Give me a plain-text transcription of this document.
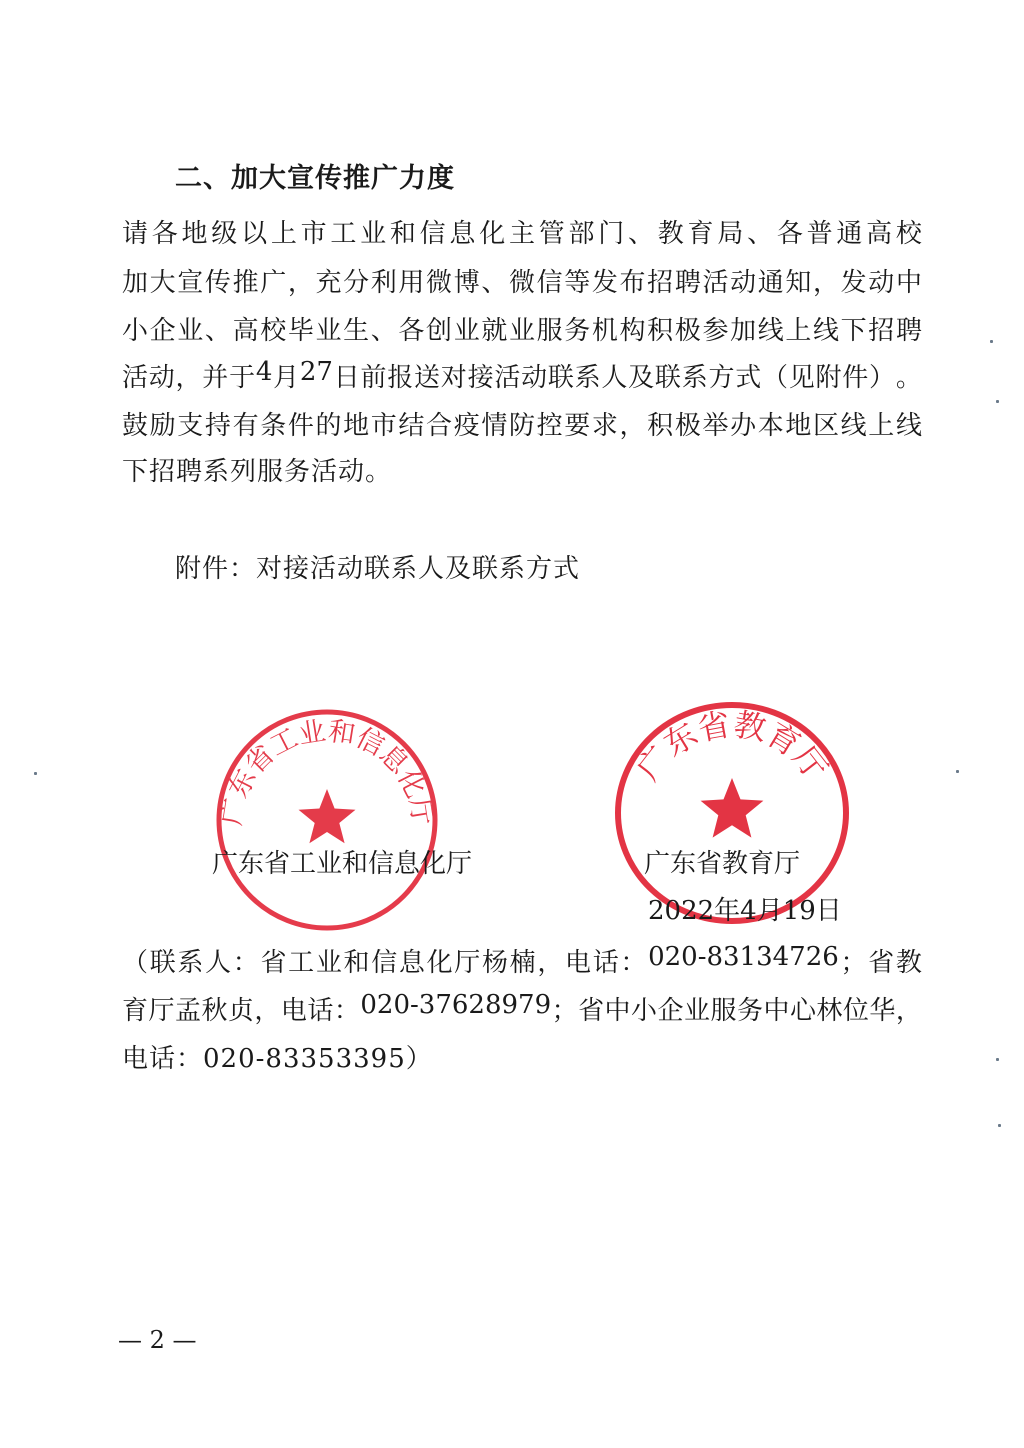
二、加大宣传推广力度
请 各 地 级 以 上 市 工 业 和 信 息 化 主 管 部 门 、 教 育 局 、 各 普 通 高 校
加 大 宣 传 推 广 ， 充 分 利 用 微 博 、 微 信 等 发 布 招 聘 活 动 通 知 ， 发 动 中
小 企 业 、 高 校 毕 业 生 、 各 创 业 就 业 服 务 机 构 积 极 参 加 线 上 线 下 招 聘
活 动 ， 并 于 4 月 27 日 前 报 送 对 接 活 动 联 系 人 及 联 系 方 式 （ 见 附 件 ） 。
鼓 励 支 持 有 条 件 的 地 市 结 合 疫 情 防 控 要 求 ， 积 极 举 办 本 地 区 线 上 线
下招聘系列服务活动。
附件：对接活动联系人及联系方式
广东省工业和信息化厅
广东省教育厅
广东省工业和信息化厅	广东省教育厅
2022年4月19日
（ 联 系 人 ： 省 工 业 和 信 息 化 厅 杨 楠 ， 电 话 ： 020-83134726 ； 省 教
育 厅 孟 秋 贞 ， 电 话 ： 020-37628979 ； 省 中 小 企 业 服 务 中 心 林 位 华 ，
电话：020-83353395）
— 2 —
